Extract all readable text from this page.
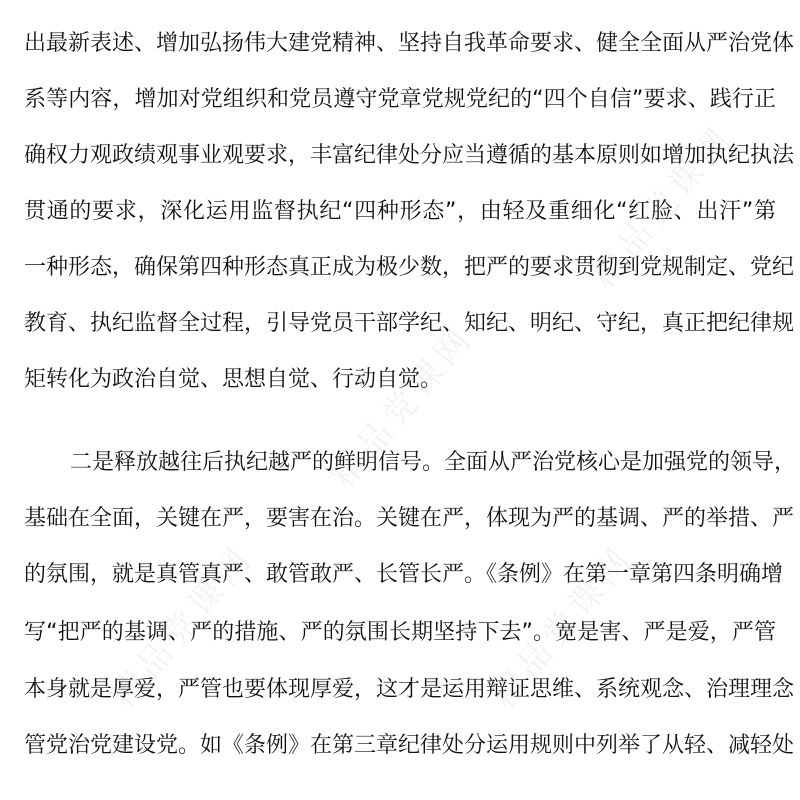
精品党课网
精品党课网
精品党课网	精品党课网
出最新表述、增加弘扬伟大建党精神、坚持自我革命要求、健全全面从严治党体
系等内容，增加对党组织和党员遵守党章党规党纪的“四个自信”要求、践行正
确权力观政绩观事业观要求，丰富纪律处分应当遵循的基本原则如增加执纪执法
贯通的要求，深化运用监督执纪“四种形态”，由轻及重细化“红脸、出汗”第
一种形态，确保第四种形态真正成为极少数，把严的要求贯彻到党规制定、党纪
教育、执纪监督全过程，引导党员干部学纪、知纪、明纪、守纪，真正把纪律规
矩转化为政治自觉、思想自觉、行动自觉。
二是释放越往后执纪越严的鲜明信号。全面从严治党核心是加强党的领导，
基础在全面，关键在严，要害在治。关键在严，体现为严的基调、严的举措、严
的氛围，就是真管真严、敢管敢严、长管长严。《条例》在第一章第四条明确增
写“把严的基调、严的措施、严的氛围长期坚持下去”。宽是害、严是爱，严管
本身就是厚爱，严管也要体现厚爱，这才是运用辩证思维、系统观念、治理理念
管党治党建设党。如《条例》在第三章纪律处分运用规则中列举了从轻、减轻处
